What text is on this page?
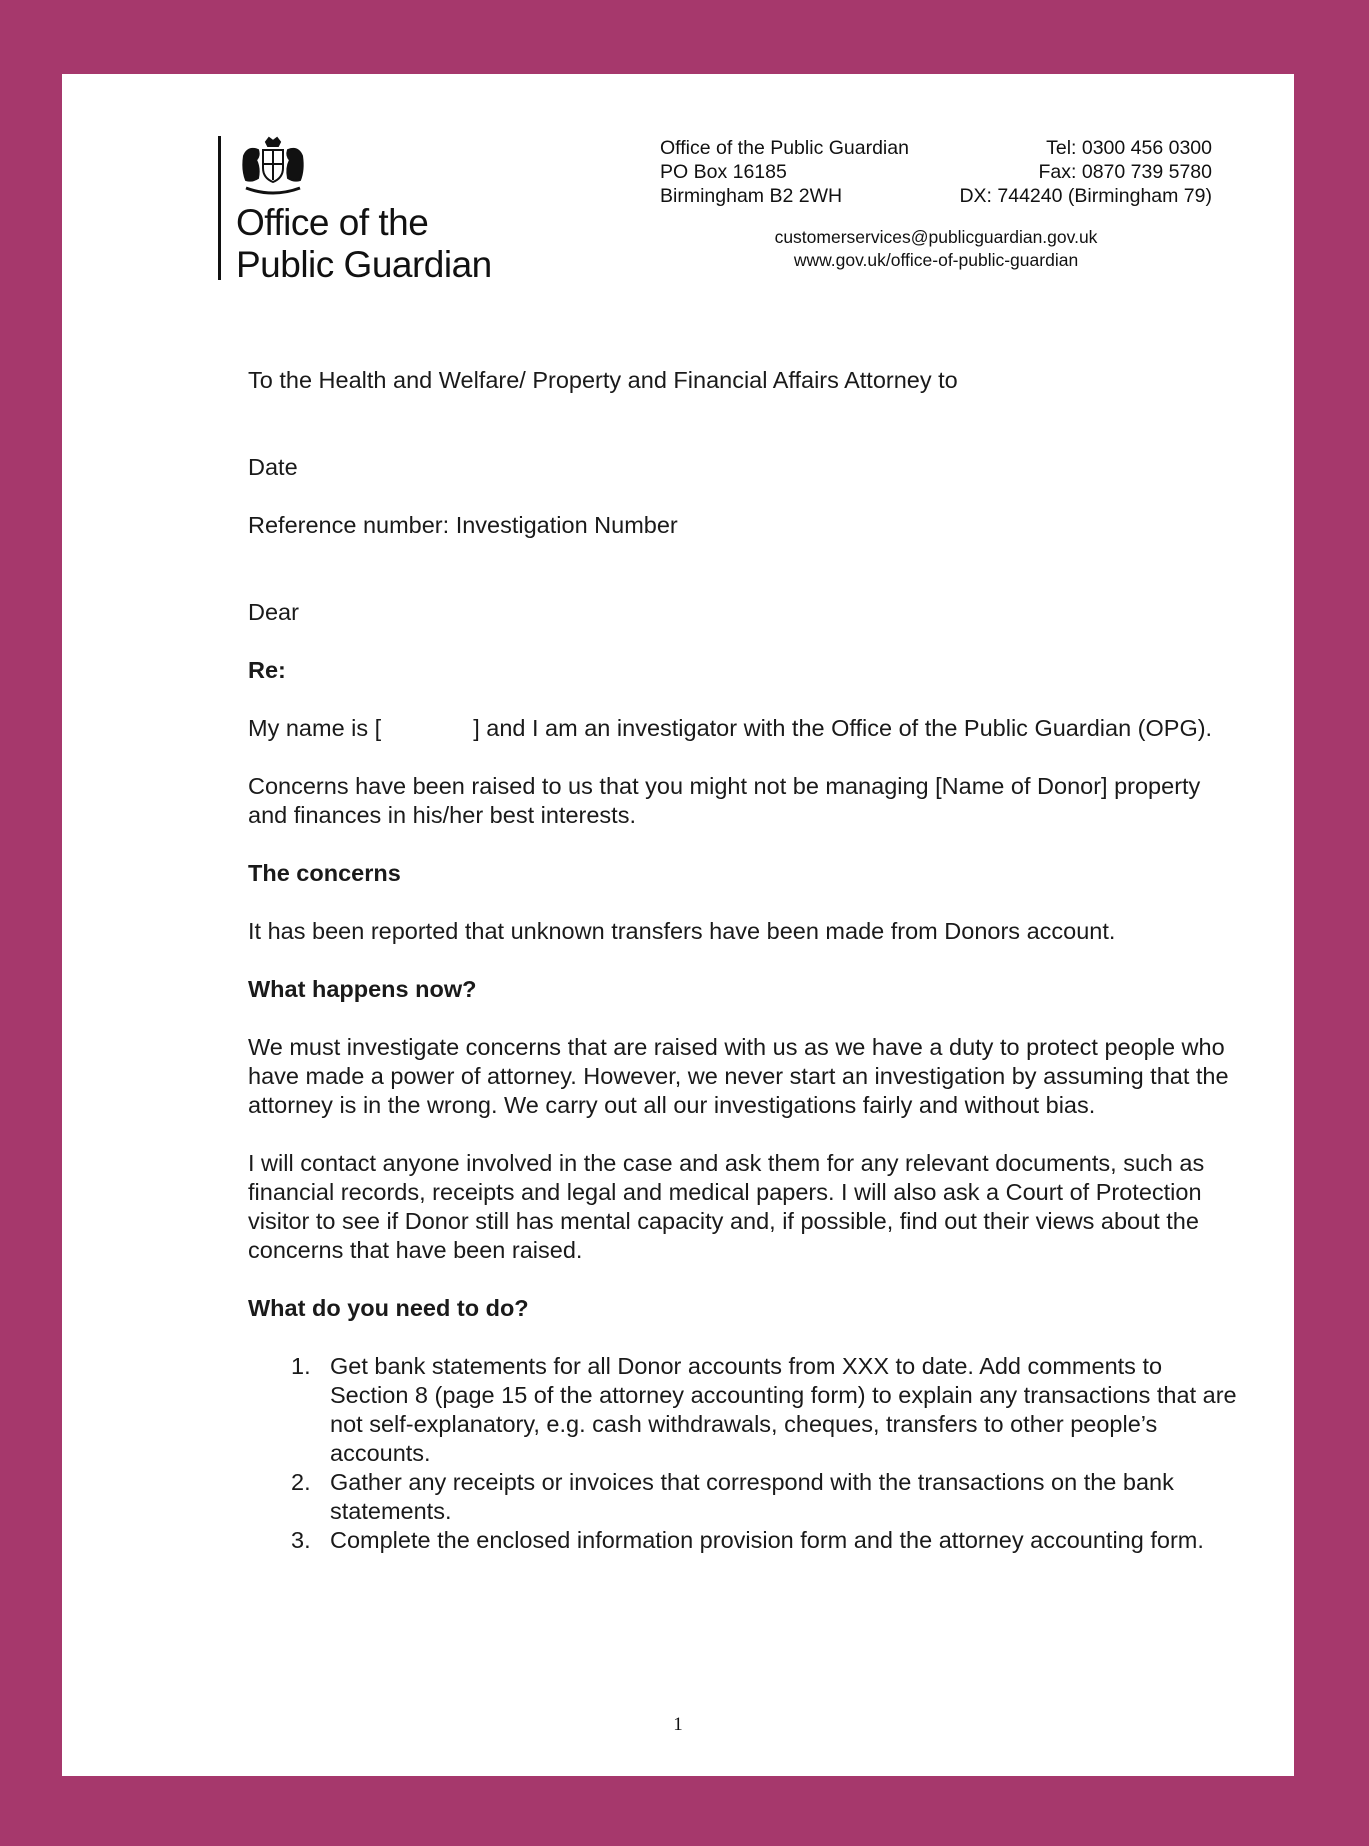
Office of the
Public Guardian
Office of the Public Guardian
PO Box 16185
Birmingham B2 2WH
Tel: 0300 456 0300
Fax: 0870 739 5780
DX: 744240 (Birmingham 79)
customerservices@publicguardian.gov.uk
www.gov.uk/office-of-public-guardian

To the Health and Welfare/ Property and Financial Affairs Attorney to

Date

Reference number: Investigation Number

Dear

Re:

My name is [	] and I am an investigator with the Office of the Public Guardian (OPG).

Concerns have been raised to us that you might not be managing [Name of Donor] property and finances in his/her best interests.

The concerns

It has been reported that unknown transfers have been made from Donors account.

What happens now?

We must investigate concerns that are raised with us as we have a duty to protect people who have made a power of attorney. However, we never start an investigation by assuming that the attorney is in the wrong. We carry out all our investigations fairly and without bias.

I will contact anyone involved in the case and ask them for any relevant documents, such as financial records, receipts and legal and medical papers. I will also ask a Court of Protection visitor to see if Donor still has mental capacity and, if possible, find out their views about the concerns that have been raised.

What do you need to do?

1. Get bank statements for all Donor accounts from XXX to date. Add comments to Section 8 (page 15 of the attorney accounting form) to explain any transactions that are not self-explanatory, e.g. cash withdrawals, cheques, transfers to other people’s accounts.
2. Gather any receipts or invoices that correspond with the transactions on the bank statements.
3. Complete the enclosed information provision form and the attorney accounting form.
1
